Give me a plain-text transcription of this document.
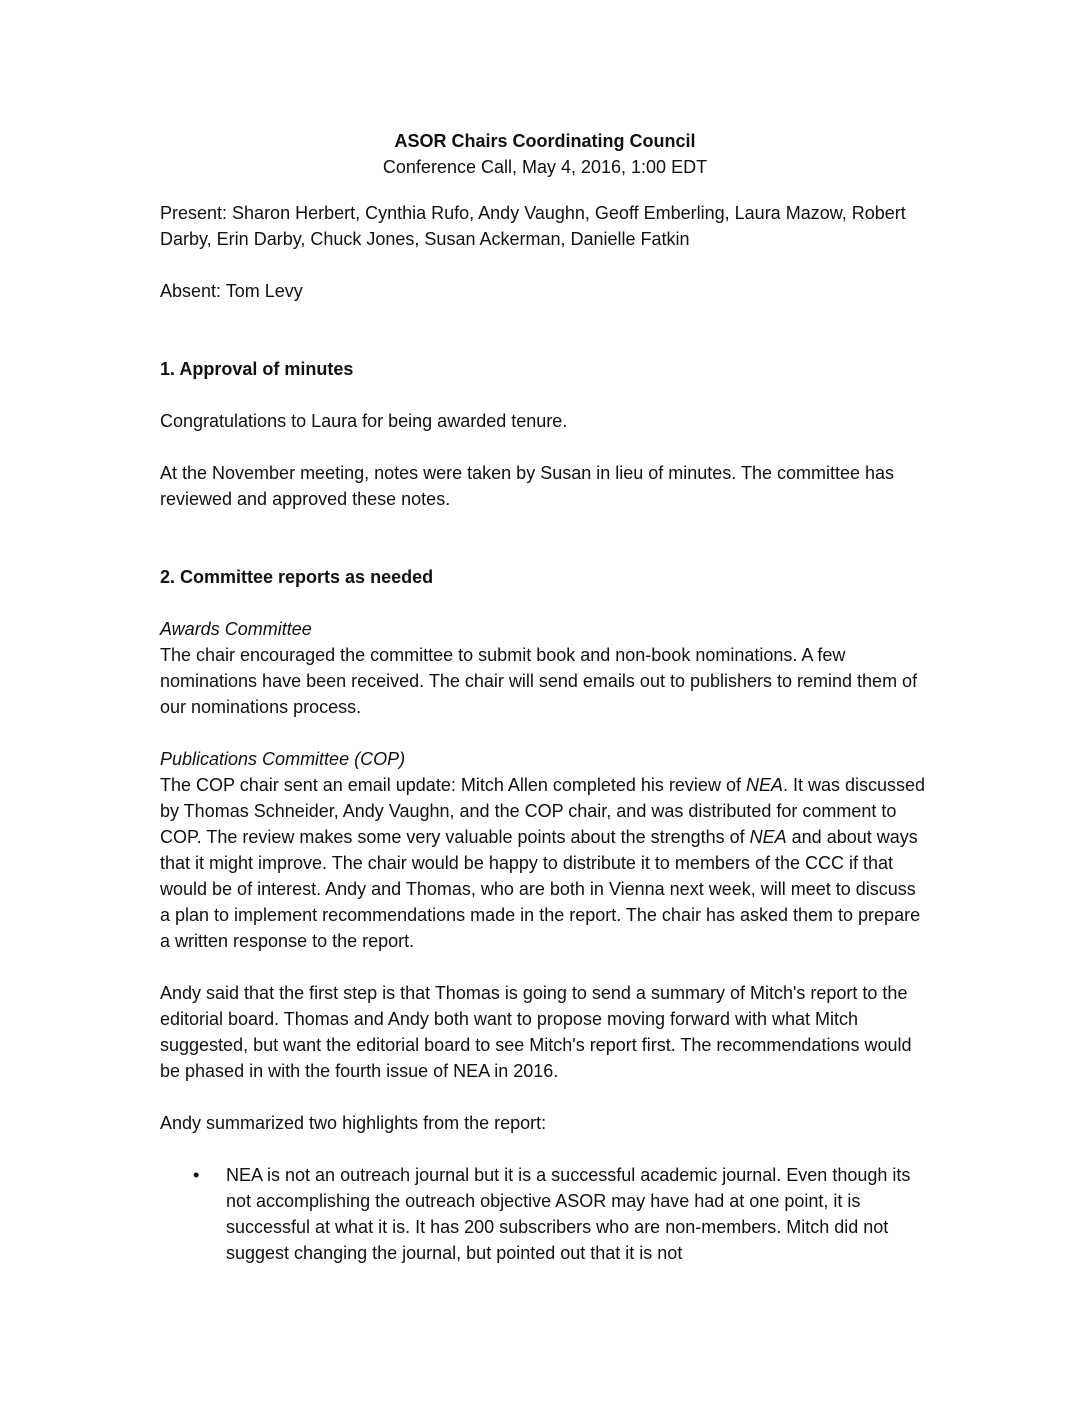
ASOR Chairs Coordinating Council
Conference Call, May 4, 2016, 1:00 EDT

Present: Sharon Herbert, Cynthia Rufo, Andy Vaughn, Geoff Emberling, Laura Mazow, Robert Darby, Erin Darby, Chuck Jones, Susan Ackerman, Danielle Fatkin

Absent: Tom Levy

1. Approval of minutes

Congratulations to Laura for being awarded tenure.

At the November meeting, notes were taken by Susan in lieu of minutes. The committee has reviewed and approved these notes.

2. Committee reports as needed
Awards Committee
The chair encouraged the committee to submit book and non-book nominations. A few nominations have been received. The chair will send emails out to publishers to remind them of our nominations process.
Publications Committee (COP)
The COP chair sent an email update: Mitch Allen completed his review of NEA. It was discussed by Thomas Schneider, Andy Vaughn, and the COP chair, and was distributed for comment to COP. The review makes some very valuable points about the strengths of NEA and about ways that it might improve. The chair would be happy to distribute it to members of the CCC if that would be of interest. Andy and Thomas, who are both in Vienna next week, will meet to discuss a plan to implement recommendations made in the report. The chair has asked them to prepare a written response to the report.

Andy said that the first step is that Thomas is going to send a summary of Mitch's report to the editorial board. Thomas and Andy both want to propose moving forward with what Mitch suggested, but want the editorial board to see Mitch's report first. The recommendations would be phased in with the fourth issue of NEA in 2016.

Andy summarized two highlights from the report:

• NEA is not an outreach journal but it is a successful academic journal. Even though its not accomplishing the outreach objective ASOR may have had at one point, it is successful at what it is. It has 200 subscribers who are non-members. Mitch did not suggest changing the journal, but pointed out that it is not
